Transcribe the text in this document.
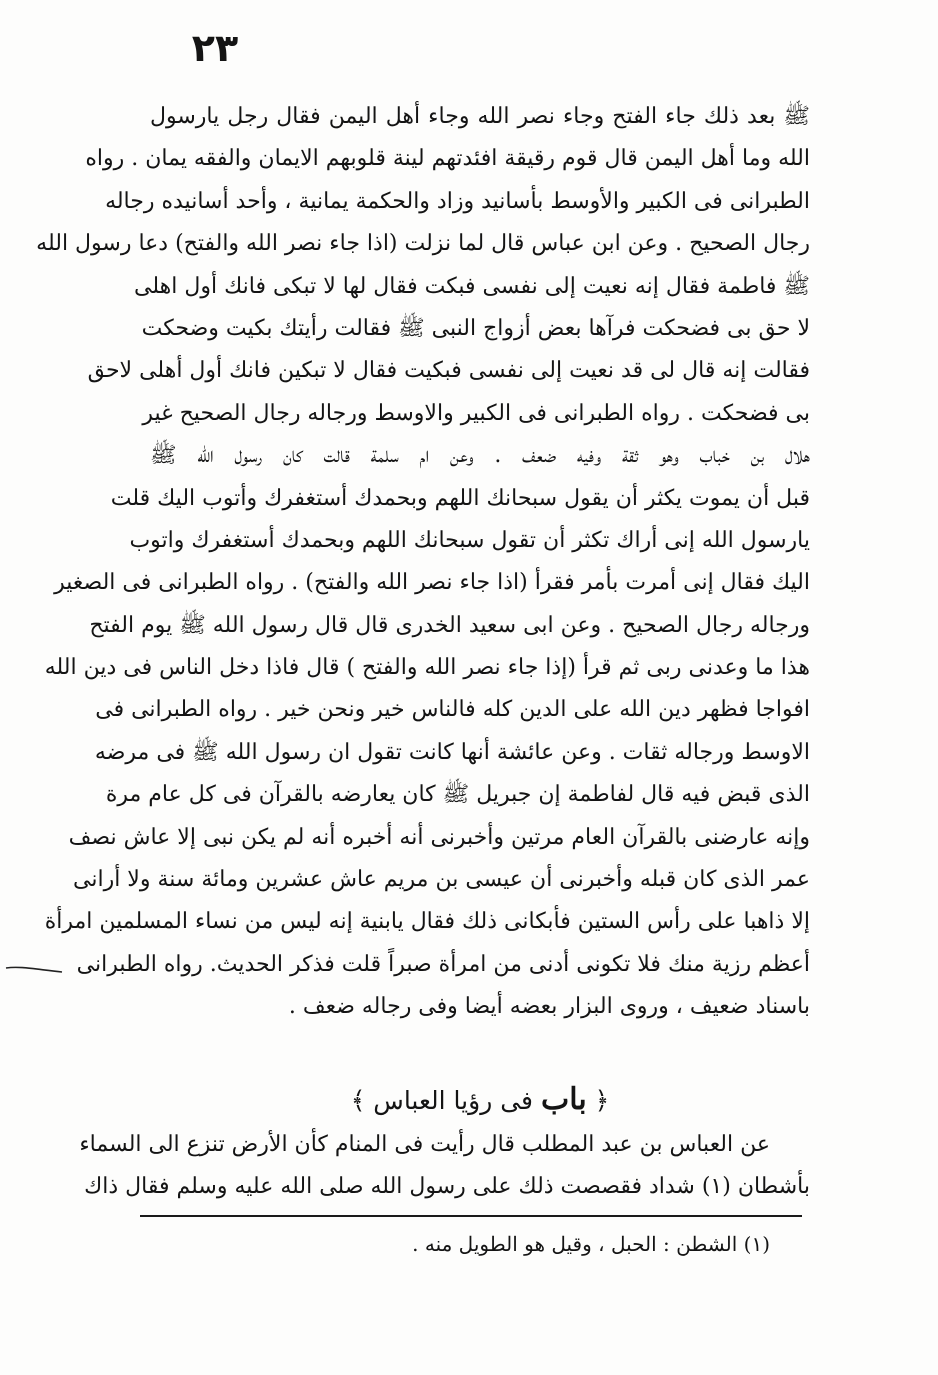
٢٣
ﷺ بعد ذلك جاء الفتح وجاء نصر الله وجاء أهل اليمن فقال رجل يارسول
الله وما أهل اليمن قال قوم رقيقة افئدتهم لينة قلوبهم الايمان والفقه يمان . رواه
الطبرانى فى الكبير والأوسط بأسانيد وزاد والحكمة يمانية ، وأحد أسانيده رجاله
رجال الصحيح . وعن ابن عباس قال لما نزلت (اذا جاء نصر الله والفتح) دعا رسول الله
ﷺ فاطمة فقال إنه نعيت إلى نفسى فبكت فقال لها لا تبكى فانك أول اهلى
لا حق بى فضحكت فرآها بعض أزواج النبى ﷺ فقالت رأيتك بكيت وضحكت
فقالت إنه قال لى قد نعيت إلى نفسى فبكيت فقال لا تبكين فانك أول أهلى لاحق
بى فضحكت . رواه الطبرانى فى الكبير والاوسط ورجاله رجال الصحيح غير
هلال بن خباب وهو ثقة وفيه ضعف . وعن ام سلمة قالت كان رسول الله ﷺ
قبل أن يموت يكثر أن يقول سبحانك اللهم وبحمدك أستغفرك وأتوب اليك قلت
يارسول الله إنى أراك تكثر أن تقول سبحانك اللهم وبحمدك أستغفرك واتوب
اليك فقال إنى أمرت بأمر فقرأ (اذا جاء نصر الله والفتح) . رواه الطبرانى فى الصغير
ورجاله رجال الصحيح . وعن ابى سعيد الخدرى قال قال رسول الله ﷺ يوم الفتح
هذا ما وعدنى ربى ثم قرأ (إذا جاء نصر الله والفتح ) قال فاذا دخل الناس فى دين الله
افواجا فظهر دين الله على الدين كله فالناس خير ونحن خير . رواه الطبرانى فى
الاوسط ورجاله ثقات . وعن عائشة أنها كانت تقول ان رسول الله ﷺ فى مرضه
الذى قبض فيه قال لفاطمة إن جبريل ﷺ كان يعارضه بالقرآن فى كل عام مرة
وإنه عارضنى بالقرآن العام مرتين وأخبرنى أنه أخبره أنه لم يكن نبى إلا عاش نصف
عمر الذى كان قبله وأخبرنى أن عيسى بن مريم عاش عشرين ومائة سنة ولا أرانى
إلا ذاهبا على رأس الستين فأبكانى ذلك فقال يابنية إنه ليس من نساء المسلمين امرأة
أعظم رزية منك فلا تكونى أدنى من امرأة صبراً قلت فذكر الحديث. رواه الطبرانى
باسناد ضعيف ، وروى البزار بعضه أيضا وفى رجاله ضعف .
﴿ باب فى رؤيا العباس ﴾
عن العباس بن عبد المطلب قال رأيت فى المنام كأن الأرض تنزع الى السماء
بأشطان (١) شداد فقصصت ذلك على رسول الله صلى الله عليه وسلم فقال ذاك
(١) الشطن : الحبل ، وقيل هو الطويل منه .
